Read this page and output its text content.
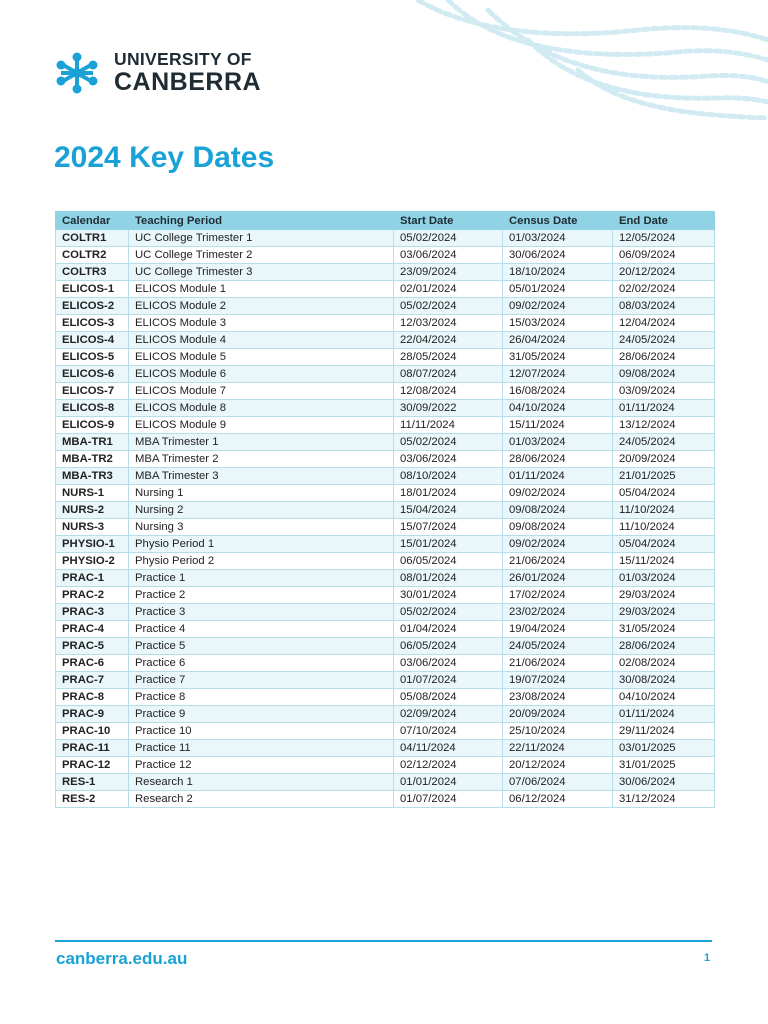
UNIVERSITY OF
CANBERRA
2024 Key Dates
Calendar	Teaching Period	Start Date	Census Date	End Date
COLTR1	UC College Trimester 1	05/02/2024	01/03/2024	12/05/2024
COLTR2	UC College Trimester 2	03/06/2024	30/06/2024	06/09/2024
COLTR3	UC College Trimester 3	23/09/2024	18/10/2024	20/12/2024
ELICOS-1	ELICOS Module 1	02/01/2024	05/01/2024	02/02/2024
ELICOS-2	ELICOS Module 2	05/02/2024	09/02/2024	08/03/2024
ELICOS-3	ELICOS Module 3	12/03/2024	15/03/2024	12/04/2024
ELICOS-4	ELICOS Module 4	22/04/2024	26/04/2024	24/05/2024
ELICOS-5	ELICOS Module 5	28/05/2024	31/05/2024	28/06/2024
ELICOS-6	ELICOS Module 6	08/07/2024	12/07/2024	09/08/2024
ELICOS-7	ELICOS Module 7	12/08/2024	16/08/2024	03/09/2024
ELICOS-8	ELICOS Module 8	30/09/2022	04/10/2024	01/11/2024
ELICOS-9	ELICOS Module 9	11/11/2024	15/11/2024	13/12/2024
MBA-TR1	MBA Trimester 1	05/02/2024	01/03/2024	24/05/2024
MBA-TR2	MBA Trimester 2	03/06/2024	28/06/2024	20/09/2024
MBA-TR3	MBA Trimester 3	08/10/2024	01/11/2024	21/01/2025
NURS-1	Nursing 1	18/01/2024	09/02/2024	05/04/2024
NURS-2	Nursing 2	15/04/2024	09/08/2024	11/10/2024
NURS-3	Nursing 3	15/07/2024	09/08/2024	11/10/2024
PHYSIO-1	Physio Period 1	15/01/2024	09/02/2024	05/04/2024
PHYSIO-2	Physio Period 2	06/05/2024	21/06/2024	15/11/2024
PRAC-1	Practice 1	08/01/2024	26/01/2024	01/03/2024
PRAC-2	Practice 2	30/01/2024	17/02/2024	29/03/2024
PRAC-3	Practice 3	05/02/2024	23/02/2024	29/03/2024
PRAC-4	Practice 4	01/04/2024	19/04/2024	31/05/2024
PRAC-5	Practice 5	06/05/2024	24/05/2024	28/06/2024
PRAC-6	Practice 6	03/06/2024	21/06/2024	02/08/2024
PRAC-7	Practice 7	01/07/2024	19/07/2024	30/08/2024
PRAC-8	Practice 8	05/08/2024	23/08/2024	04/10/2024
PRAC-9	Practice 9	02/09/2024	20/09/2024	01/11/2024
PRAC-10	Practice 10	07/10/2024	25/10/2024	29/11/2024
PRAC-11	Practice 11	04/11/2024	22/11/2024	03/01/2025
PRAC-12	Practice 12	02/12/2024	20/12/2024	31/01/2025
RES-1	Research 1	01/01/2024	07/06/2024	30/06/2024
RES-2	Research 2	01/07/2024	06/12/2024	31/12/2024
canberra.edu.au	1
